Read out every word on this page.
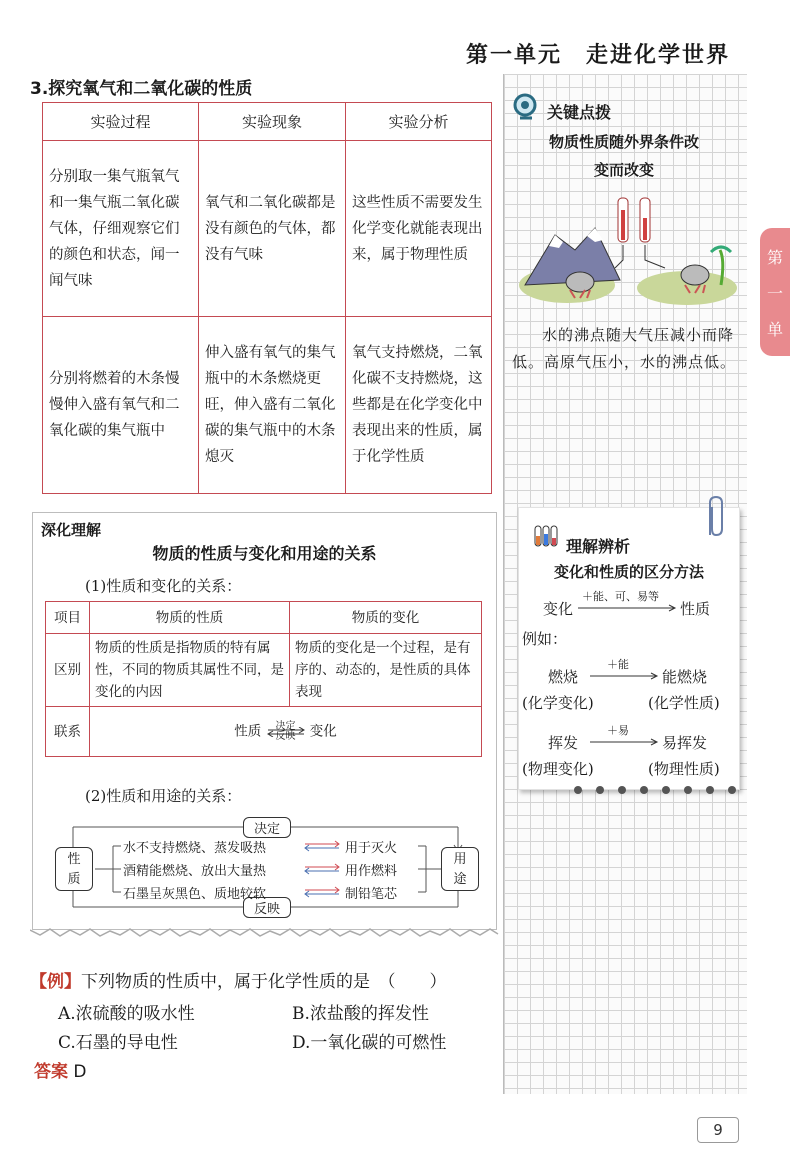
第一单元　走进化学世界
3.探究氧气和二氧化碳的性质
实验过程	实验现象	实验分析
分别取一集气瓶氧气和一集气瓶二氧化碳气体，仔细观察它们的颜色和状态，闻一闻气味	氧气和二氧化碳都是没有颜色的气体，都没有气味	这些性质不需要发生化学变化就能表现出来，属于物理性质
分别将燃着的木条慢慢伸入盛有氧气和二氧化碳的集气瓶中	伸入盛有氧气的集气瓶中的木条燃烧更旺，伸入盛有二氧化碳的集气瓶中的木条熄灭	氧气支持燃烧，二氧化碳不支持燃烧，这些都是在化学变化中表现出来的性质，属于化学性质
深化理解
物质的性质与变化和用途的关系
(1)性质和变化的关系：
项目	物质的性质	物质的变化
区别	物质的性质是指物质的特有属性，不同的物质其属性不同，是变化的内因	物质的变化是一个过程，是有序的、动态的，是性质的具体表现
联系	性质 决定
反映 变化	
(2)性质和用途的关系：
决定
反映
性质
用途
水不支持燃烧、蒸发吸热	用于灭火
酒精能燃烧、放出大量热	用作燃料
石墨呈灰黑色、质地较软	制铅笔芯
【例】下列物质的性质中，属于化学性质的是　（　　）
A.浓硫酸的吸水性	B.浓盐酸的挥发性
C.石墨的导电性	D.一氧化碳的可燃性
答案 D
关键点拨
物质性质随外界条件改
变而改变
水的沸点随大气压减小而降低。高原气压小，水的沸点低。
理解辨析
变化和性质的区分方法
变化
＋能、可、易等
性质
例如：
燃烧
＋能
能燃烧
(化学变化)	(化学性质)
挥发
＋易
易挥发
(物理变化)	(物理性质)
第
一
单
元
9
